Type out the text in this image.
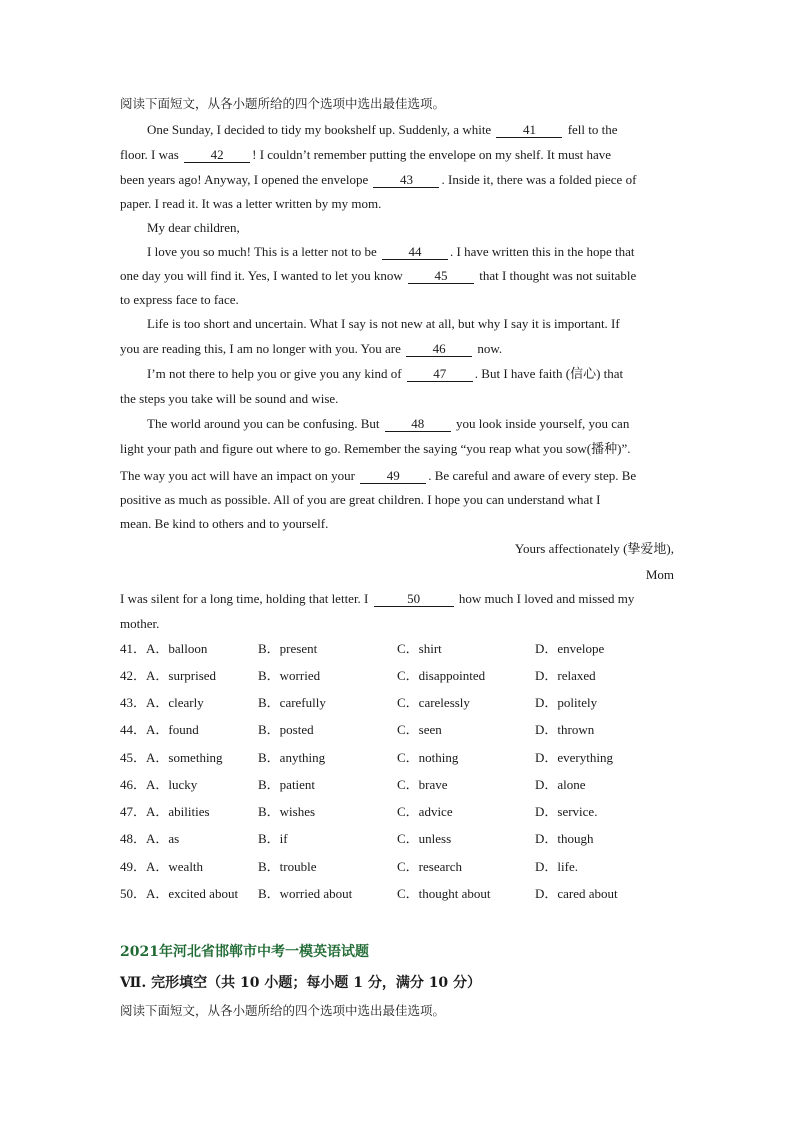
阅读下面短文，从各小题所给的四个选项中选出最佳选项。
One Sunday, I decided to tidy my bookshelf up. Suddenly, a white 41 fell to the
floor. I was 42 ! I couldn’t remember putting the envelope on my shelf. It must have
been years ago! Anyway, I opened the envelope 43 . Inside it, there was a folded piece of
paper. I read it. It was a letter written by my mom.
My dear children,
I love you so much! This is a letter not to be 44 . I have written this in the hope that
one day you will find it. Yes, I wanted to let you know 45 that I thought was not suitable
to express face to face.
Life is too short and uncertain. What I say is not new at all, but why I say it is important. If
you are reading this, I am no longer with you. You are 46 now.
I’m not there to help you or give you any kind of 47 . But I have faith (信心) that
the steps you take will be sound and wise.
The world around you can be confusing. But 48 you look inside yourself, you can
light your path and figure out where to go. Remember the saying “you reap what you sow(播种)”.
The way you act will have an impact on your 49 . Be careful and aware of every step. Be
positive as much as possible. All of you are great children. I hope you can understand what I
mean. Be kind to others and to yourself.
Yours affectionately (挚爱地),
Mom
I was silent for a long time, holding that letter. I	50	how much I loved and missed my
mother.
41．A．balloon	B．present	C．shirt	D．envelope
42．A．surprised	B．worried	C．disappointed	D．relaxed
43．A．clearly	B．carefully	C．carelessly	D．politely
44．A．found	B．posted	C．seen	D．thrown
45．A．something	B．anything	C．nothing	D．everything
46．A．lucky	B．patient	C．brave	D．alone
47．A．abilities	B．wishes	C．advice	D．service.
48．A．as	B．if	C．unless	D．though
49．A．wealth	B．trouble	C．research	D．life.
50．A．excited about B．worried about	C．thought about	D．cared about
2021年河北省邯郸市中考一模英语试题
Ⅶ. 完形填空（共 10 小题；每小题 1 分，满分 10 分）
阅读下面短文，从各小题所给的四个选项中选出最佳选项。
